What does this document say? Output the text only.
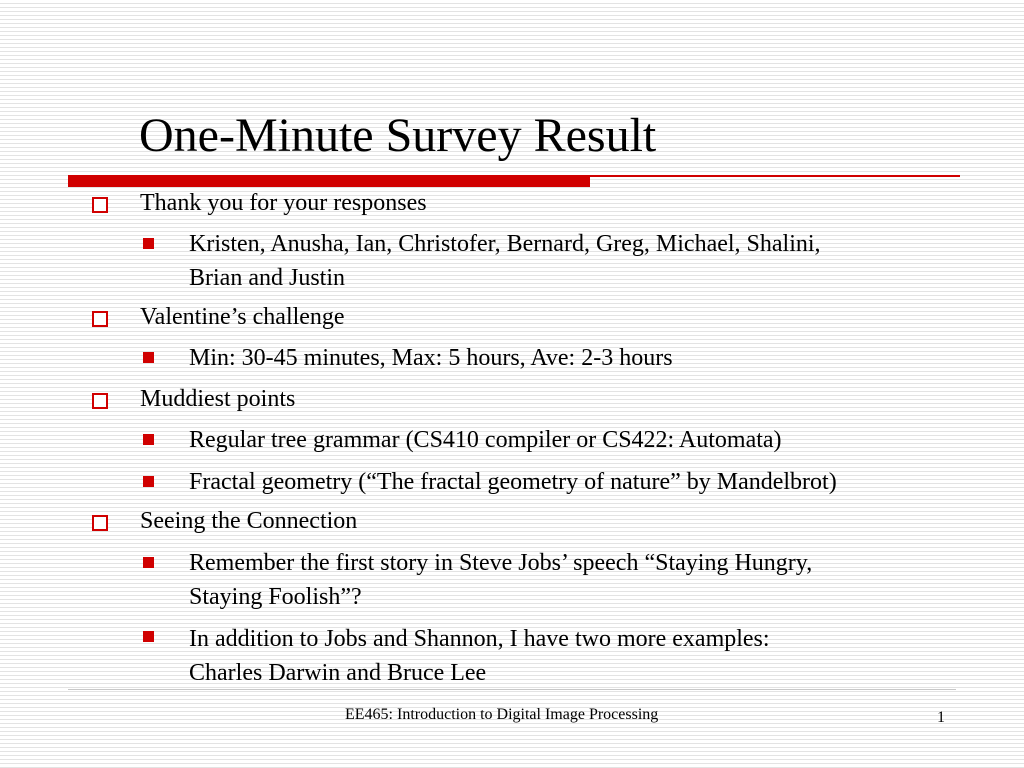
One-Minute Survey Result
Thank you for your responses
Kristen, Anusha, Ian, Christofer, Bernard, Greg, Michael, Shalini,
Brian and Justin
Valentine’s challenge
Min: 30-45 minutes, Max: 5 hours, Ave: 2-3 hours
Muddiest points
Regular tree grammar (CS410 compiler or CS422: Automata)
Fractal geometry (“The fractal geometry of nature” by Mandelbrot)
Seeing the Connection
Remember the first story in Steve Jobs’ speech “Staying Hungry,
Staying Foolish”?
In addition to Jobs and Shannon, I have two more examples:
Charles Darwin and Bruce Lee
EE465: Introduction to Digital Image Processing	1
